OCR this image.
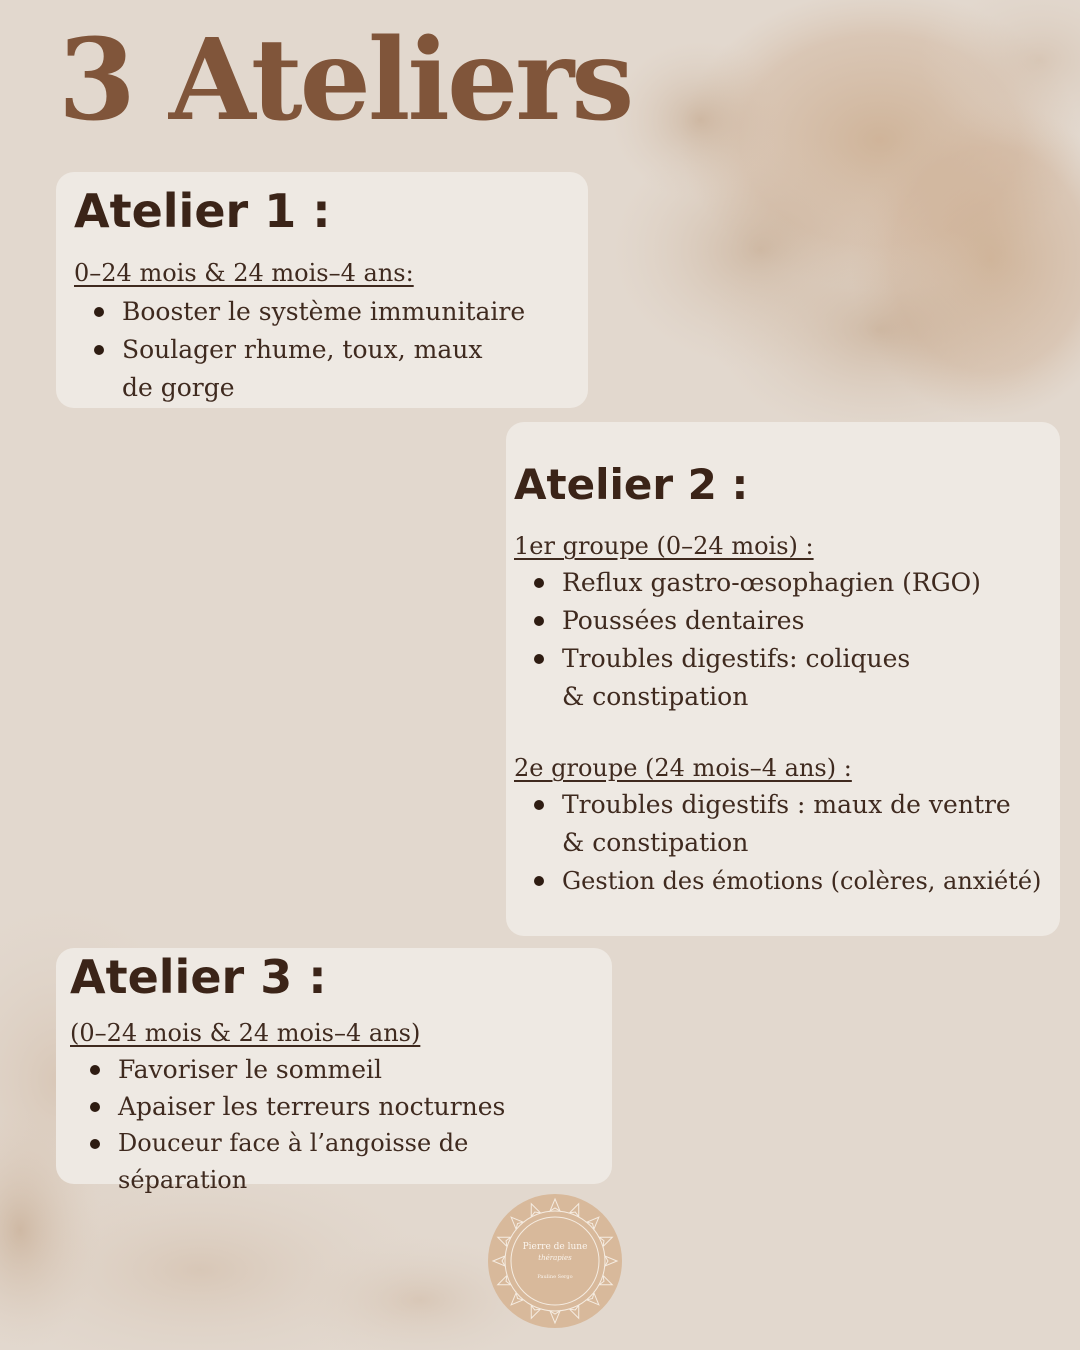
3 Ateliers
Atelier 1 :

0–24 mois & 24 mois–4 ans:

Booster le système immunitaire
Soulager rhume, toux, maux de gorge
Atelier 2 :

1er groupe (0–24 mois) :

Reflux gastro-œsophagien (RGO)
Poussées dentaires
Troubles digestifs: coliques & constipation

2e groupe (24 mois–4 ans) :

Troubles digestifs : maux de ventre & constipation
Gestion des émotions (colères, anxiété)
Atelier 3 :

(0–24 mois & 24 mois–4 ans)

Favoriser le sommeil
Apaiser les terreurs nocturnes
Douceur face à l’angoisse de séparation
Pierre de lune
thérapies
Pauline Sergo
